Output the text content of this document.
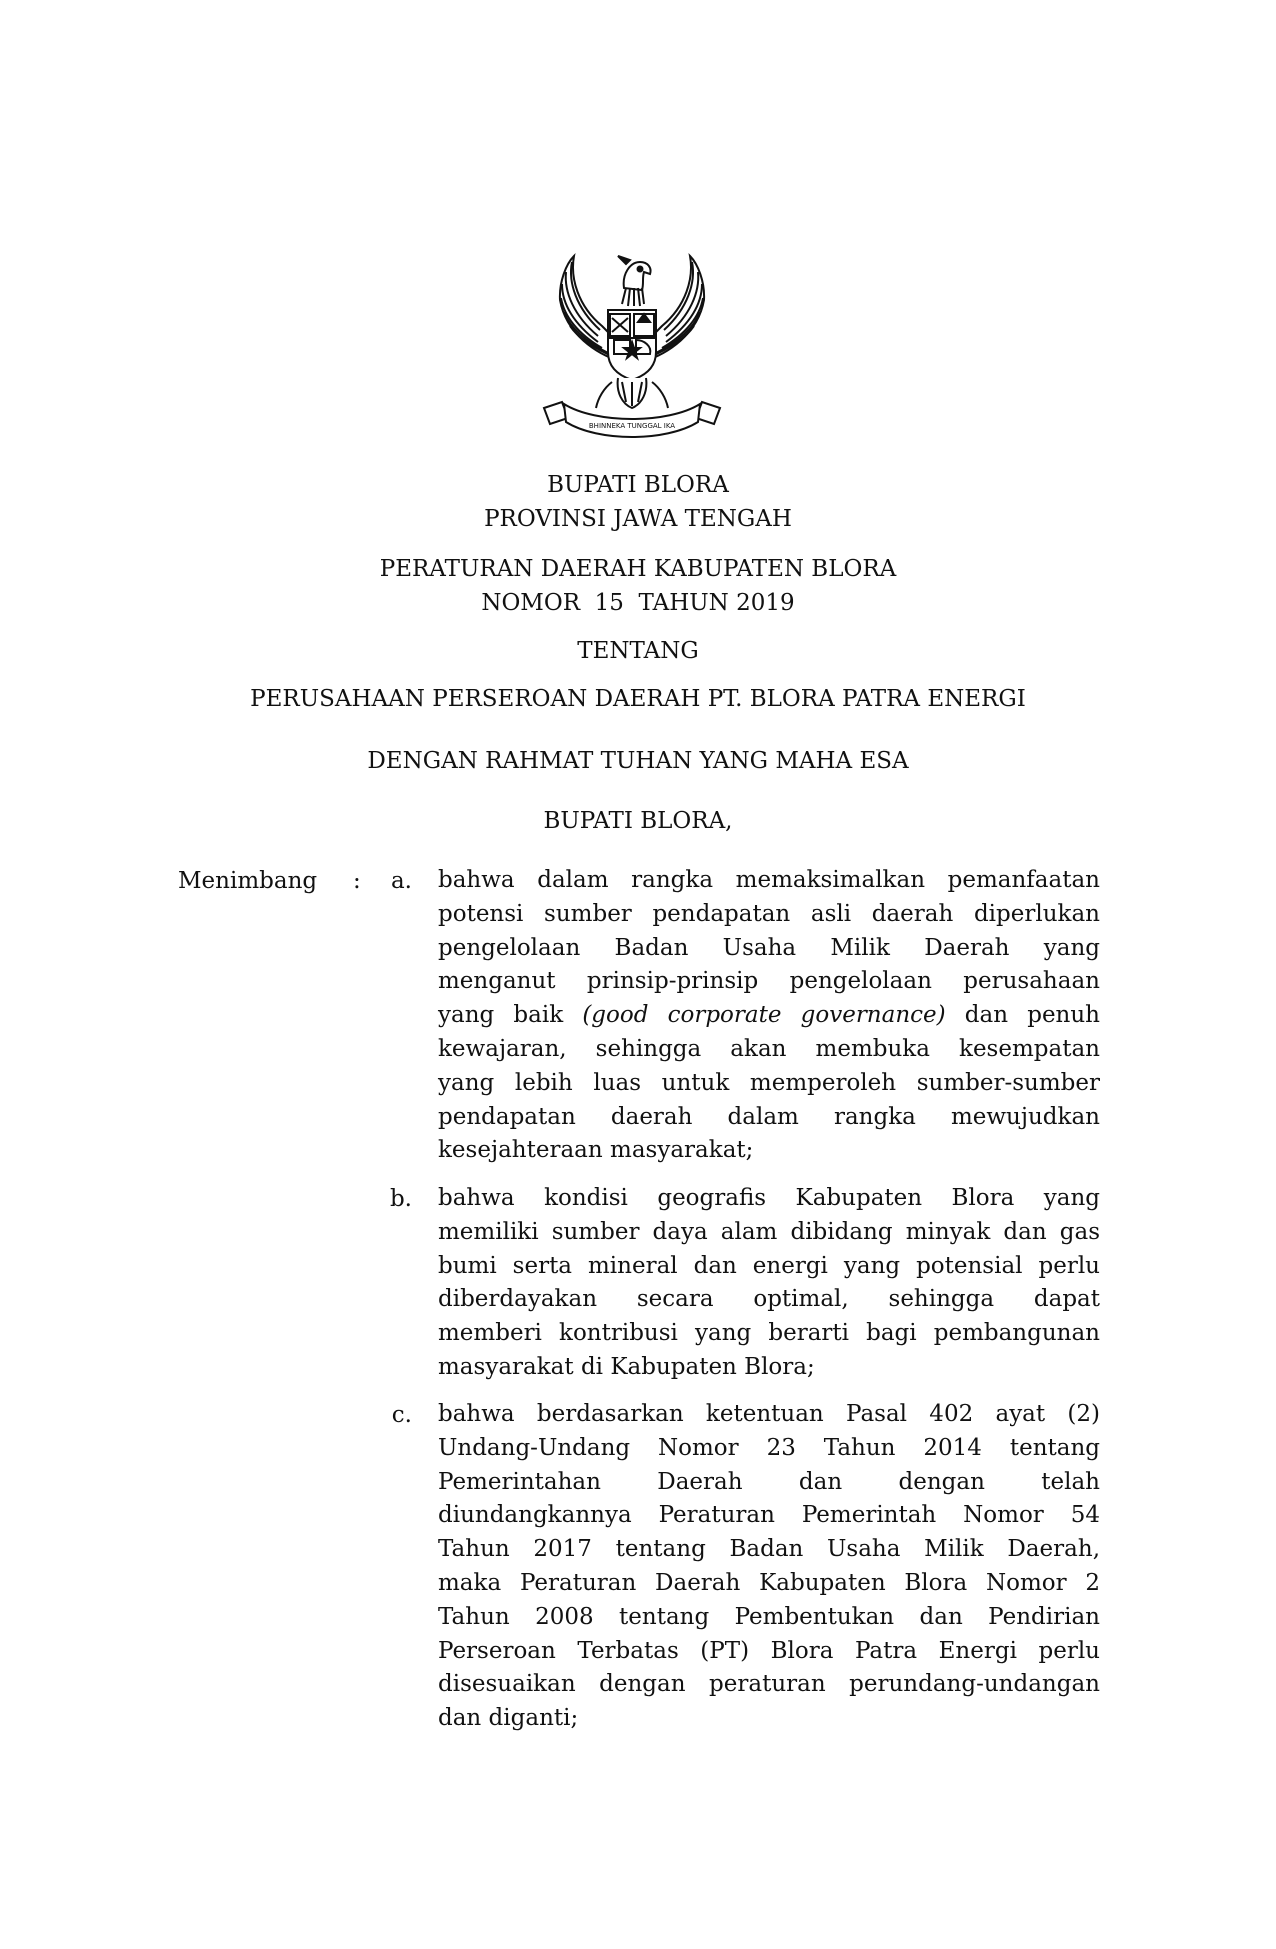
BHINNEKA TUNGGAL IKA
BUPATI BLORA
PROVINSI JAWA TENGAH
PERATURAN DAERAH KABUPATEN BLORA
NOMOR  15  TAHUN 2019
TENTANG
PERUSAHAAN PERSEROAN DAERAH PT. BLORA PATRA ENERGI
DENGAN RAHMAT TUHAN YANG MAHA ESA
BUPATI BLORA,
Menimbang :	a. bahwa dalam rangka memaksimalkan pemanfaatan
potensi sumber pendapatan asli daerah diperlukan
pengelolaan Badan Usaha Milik Daerah yang
menganut prinsip-prinsip pengelolaan perusahaan
yang baik (good corporate governance) dan penuh
kewajaran, sehingga akan membuka kesempatan
yang lebih luas untuk memperoleh sumber-sumber
pendapatan daerah dalam rangka mewujudkan
kesejahteraan masyarakat;
b. bahwa kondisi geografis Kabupaten Blora yang
memiliki sumber daya alam dibidang minyak dan gas
bumi serta mineral dan energi yang potensial perlu
diberdayakan secara optimal, sehingga dapat
memberi kontribusi yang berarti bagi pembangunan
masyarakat di Kabupaten Blora;
c. bahwa berdasarkan ketentuan Pasal 402 ayat (2)
Undang-Undang Nomor 23 Tahun 2014 tentang
Pemerintahan Daerah dan dengan telah
diundangkannya Peraturan Pemerintah Nomor 54
Tahun 2017 tentang Badan Usaha Milik Daerah,
maka Peraturan Daerah Kabupaten Blora Nomor 2
Tahun 2008 tentang Pembentukan dan Pendirian
Perseroan Terbatas (PT) Blora Patra Energi perlu
disesuaikan dengan peraturan perundang-undangan
dan diganti;
